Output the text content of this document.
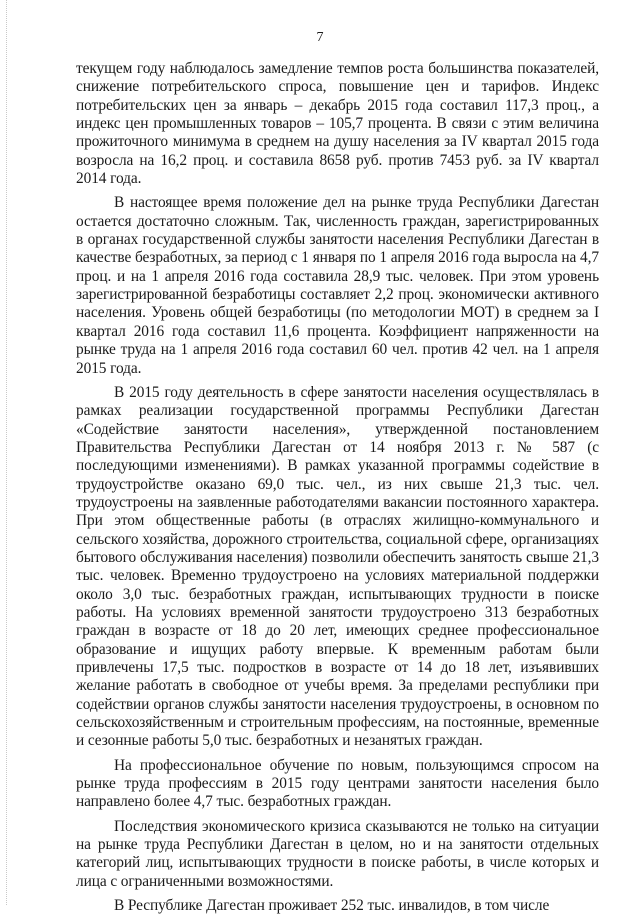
7

текущем году наблюдалось замедление темпов роста большинства показателей, снижение потребительского спроса, повышение цен и тарифов. Индекс потребительских цен за январь – декабрь 2015 года составил 117,3 проц., а индекс цен промышленных товаров – 105,7 процента. В связи с этим величина прожиточного минимума в среднем на душу населения за IV квартал 2015 года возросла на 16,2 проц. и составила 8658 руб. против 7453 руб. за IV квартал 2014 года.

В настоящее время положение дел на рынке труда Республики Дагестан остается достаточно сложным. Так, численность граждан, зарегистрированных в органах государственной службы занятости населения Республики Дагестан в качестве безработных, за период с 1 января по 1 апреля 2016 года выросла на 4,7 проц. и на 1 апреля 2016 года составила 28,9 тыс. человек. При этом уровень зарегистрированной безработицы составляет 2,2 проц. экономически активного населения. Уровень общей безработицы (по методологии МОТ) в среднем за I квартал 2016 года составил 11,6 процента. Коэффициент напряженности на рынке труда на 1 апреля 2016 года составил 60 чел. против 42 чел. на 1 апреля 2015 года.

В 2015 году деятельность в сфере занятости населения осуществлялась в рамках реализации государственной программы Республики Дагестан «Содействие занятости населения», утвержденной постановлением Правительства Республики Дагестан от 14 ноября 2013 г. № 587 (с последующими изменениями). В рамках указанной программы содействие в трудоустройстве оказано 69,0 тыс. чел., из них свыше 21,3 тыс. чел. трудоустроены на заявленные работодателями вакансии постоянного характера. При этом общественные работы (в отраслях жилищно-коммунального и сельского хозяйства, дорожного строительства, социальной сфере, организациях бытового обслуживания населения) позволили обеспечить занятость свыше 21,3 тыс. человек. Временно трудоустроено на условиях материальной поддержки около 3,0 тыс. безработных граждан, испытывающих трудности в поиске работы. На условиях временной занятости трудоустроено 313 безработных граждан в возрасте от 18 до 20 лет, имеющих среднее профессиональное образование и ищущих работу впервые. К временным работам были привлечены 17,5 тыс. подростков в возрасте от 14 до 18 лет, изъявивших желание работать в свободное от учебы время. За пределами республики при содействии органов службы занятости населения трудоустроены, в основном по сельскохозяйственным и строительным профессиям, на постоянные, временные и сезонные работы 5,0 тыс. безработных и незанятых граждан.

На профессиональное обучение по новым, пользующимся спросом на рынке труда профессиям в 2015 году центрами занятости населения было направлено более 4,7 тыс. безработных граждан.

Последствия экономического кризиса сказываются не только на ситуации на рынке труда Республики Дагестан в целом, но и на занятости отдельных категорий лиц, испытывающих трудности в поиске работы, в числе которых и лица с ограниченными возможностями.

В Республике Дагестан проживает 252 тыс. инвалидов, в том числе
